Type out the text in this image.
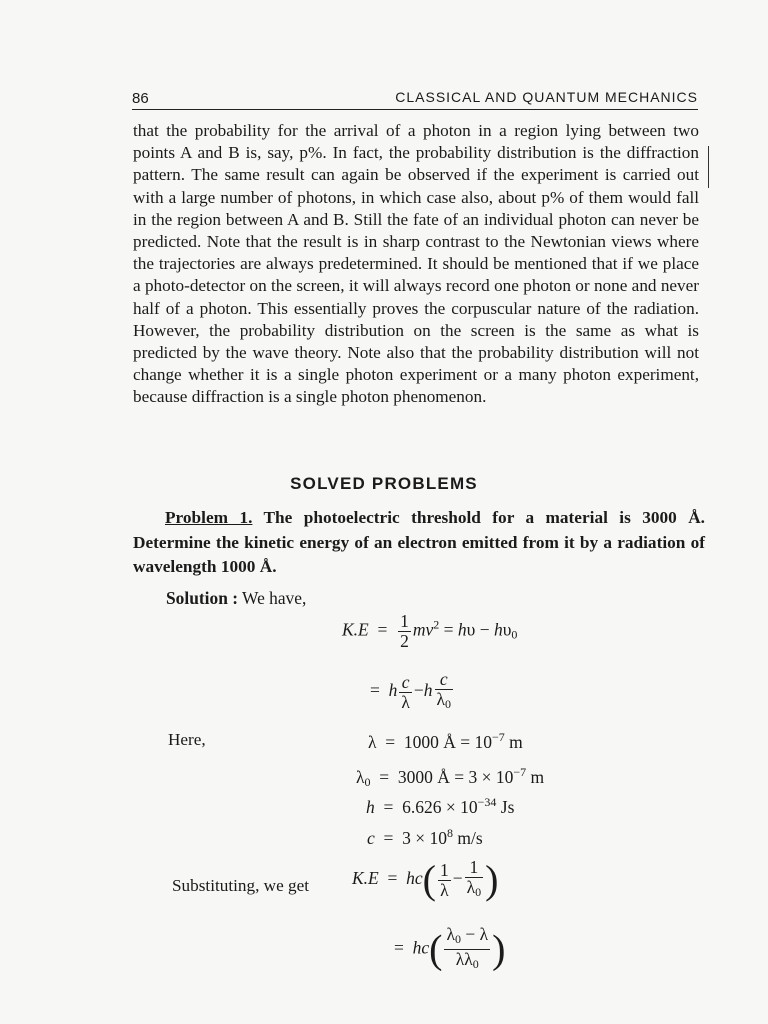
86	CLASSICAL AND QUANTUM MECHANICS

that the probability for the arrival of a photon in a region lying between two points A and B is, say, p%. In fact, the probability distribution is the diffraction pattern. The same result can again be observed if the experiment is carried out with a large number of photons, in which case also, about p% of them would fall in the region between A and B. Still the fate of an individual photon can never be predicted. Note that the result is in sharp contrast to the Newtonian views where the trajectories are always predetermined. It should be mentioned that if we place a photo-detector on the screen, it will always record one photon or none and never half of a photon. This essentially proves the corpuscular nature of the radiation. However, the probability distribution on the screen is the same as what is predicted by the wave theory. Note also that the probability distribution will not change whether it is a single photon experiment or a many photon experiment, because diffraction is a single photon phenomenon.

SOLVED PROBLEMS

Problem 1. The photoelectric threshold for a material is 3000 Å. Determine the kinetic energy of an electron emitted from it by a radiation of wavelength 1000 Å.

Solution : We have,
$K.E = \frac{1}{2} mv^2 = h\upsilon - h\upsilon_0$
=  h $\frac{c}{\lambda} -h \frac{c}{\lambda_0}$
Here,	λ  =  1000 Å = $10^{-7}$ m
$\lambda_0 = 3000$ Å = $3 \times 10^{-7}$ m
$h = 6.626 \times 10^{-34}$ Js
$c = 3 \times 10^8$ m/s
Substituting, we get $K.E = hc( \frac{1}{\lambda} - \frac{1}{\lambda_0}$ )
=  $hc( \frac{\lambda_0 - \lambda}{\lambda\lambda_0}$ )
